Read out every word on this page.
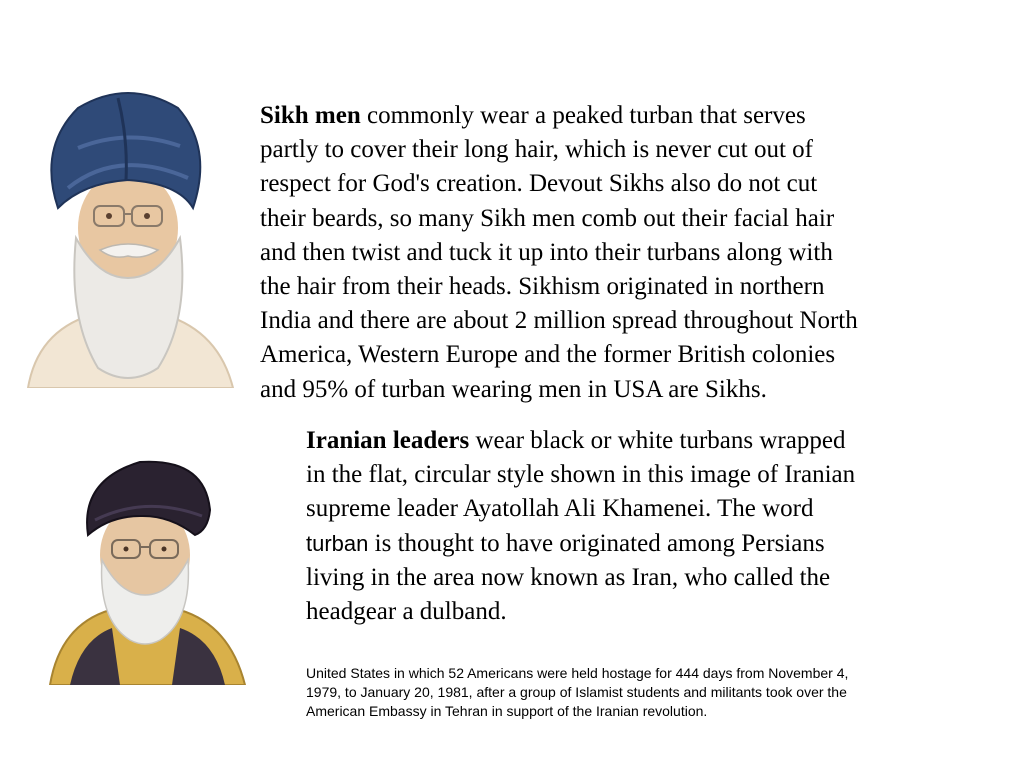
Sikh men commonly wear a peaked turban that serves
partly to cover their long hair, which is never cut out of
respect for God's creation. Devout Sikhs also do not cut
their beards, so many Sikh men comb out their facial hair
and then twist and tuck it up into their turbans along with
the hair from their heads. Sikhism originated in northern
India and there are about 2 million spread throughout North
America, Western Europe and the former British colonies
and 95% of turban wearing men in USA are Sikhs.

Iranian leaders wear black or white turbans wrapped
in the flat, circular style shown in this image of Iranian
supreme leader Ayatollah Ali Khamenei. The word
turban is thought to have originated among Persians
living in the area now known as Iran, who called the
headgear a dulband.

United States in which 52 Americans were held hostage for 444 days from November 4,
1979, to January 20, 1981, after a group of Islamist students and militants took over the
American Embassy in Tehran in support of the Iranian revolution.
